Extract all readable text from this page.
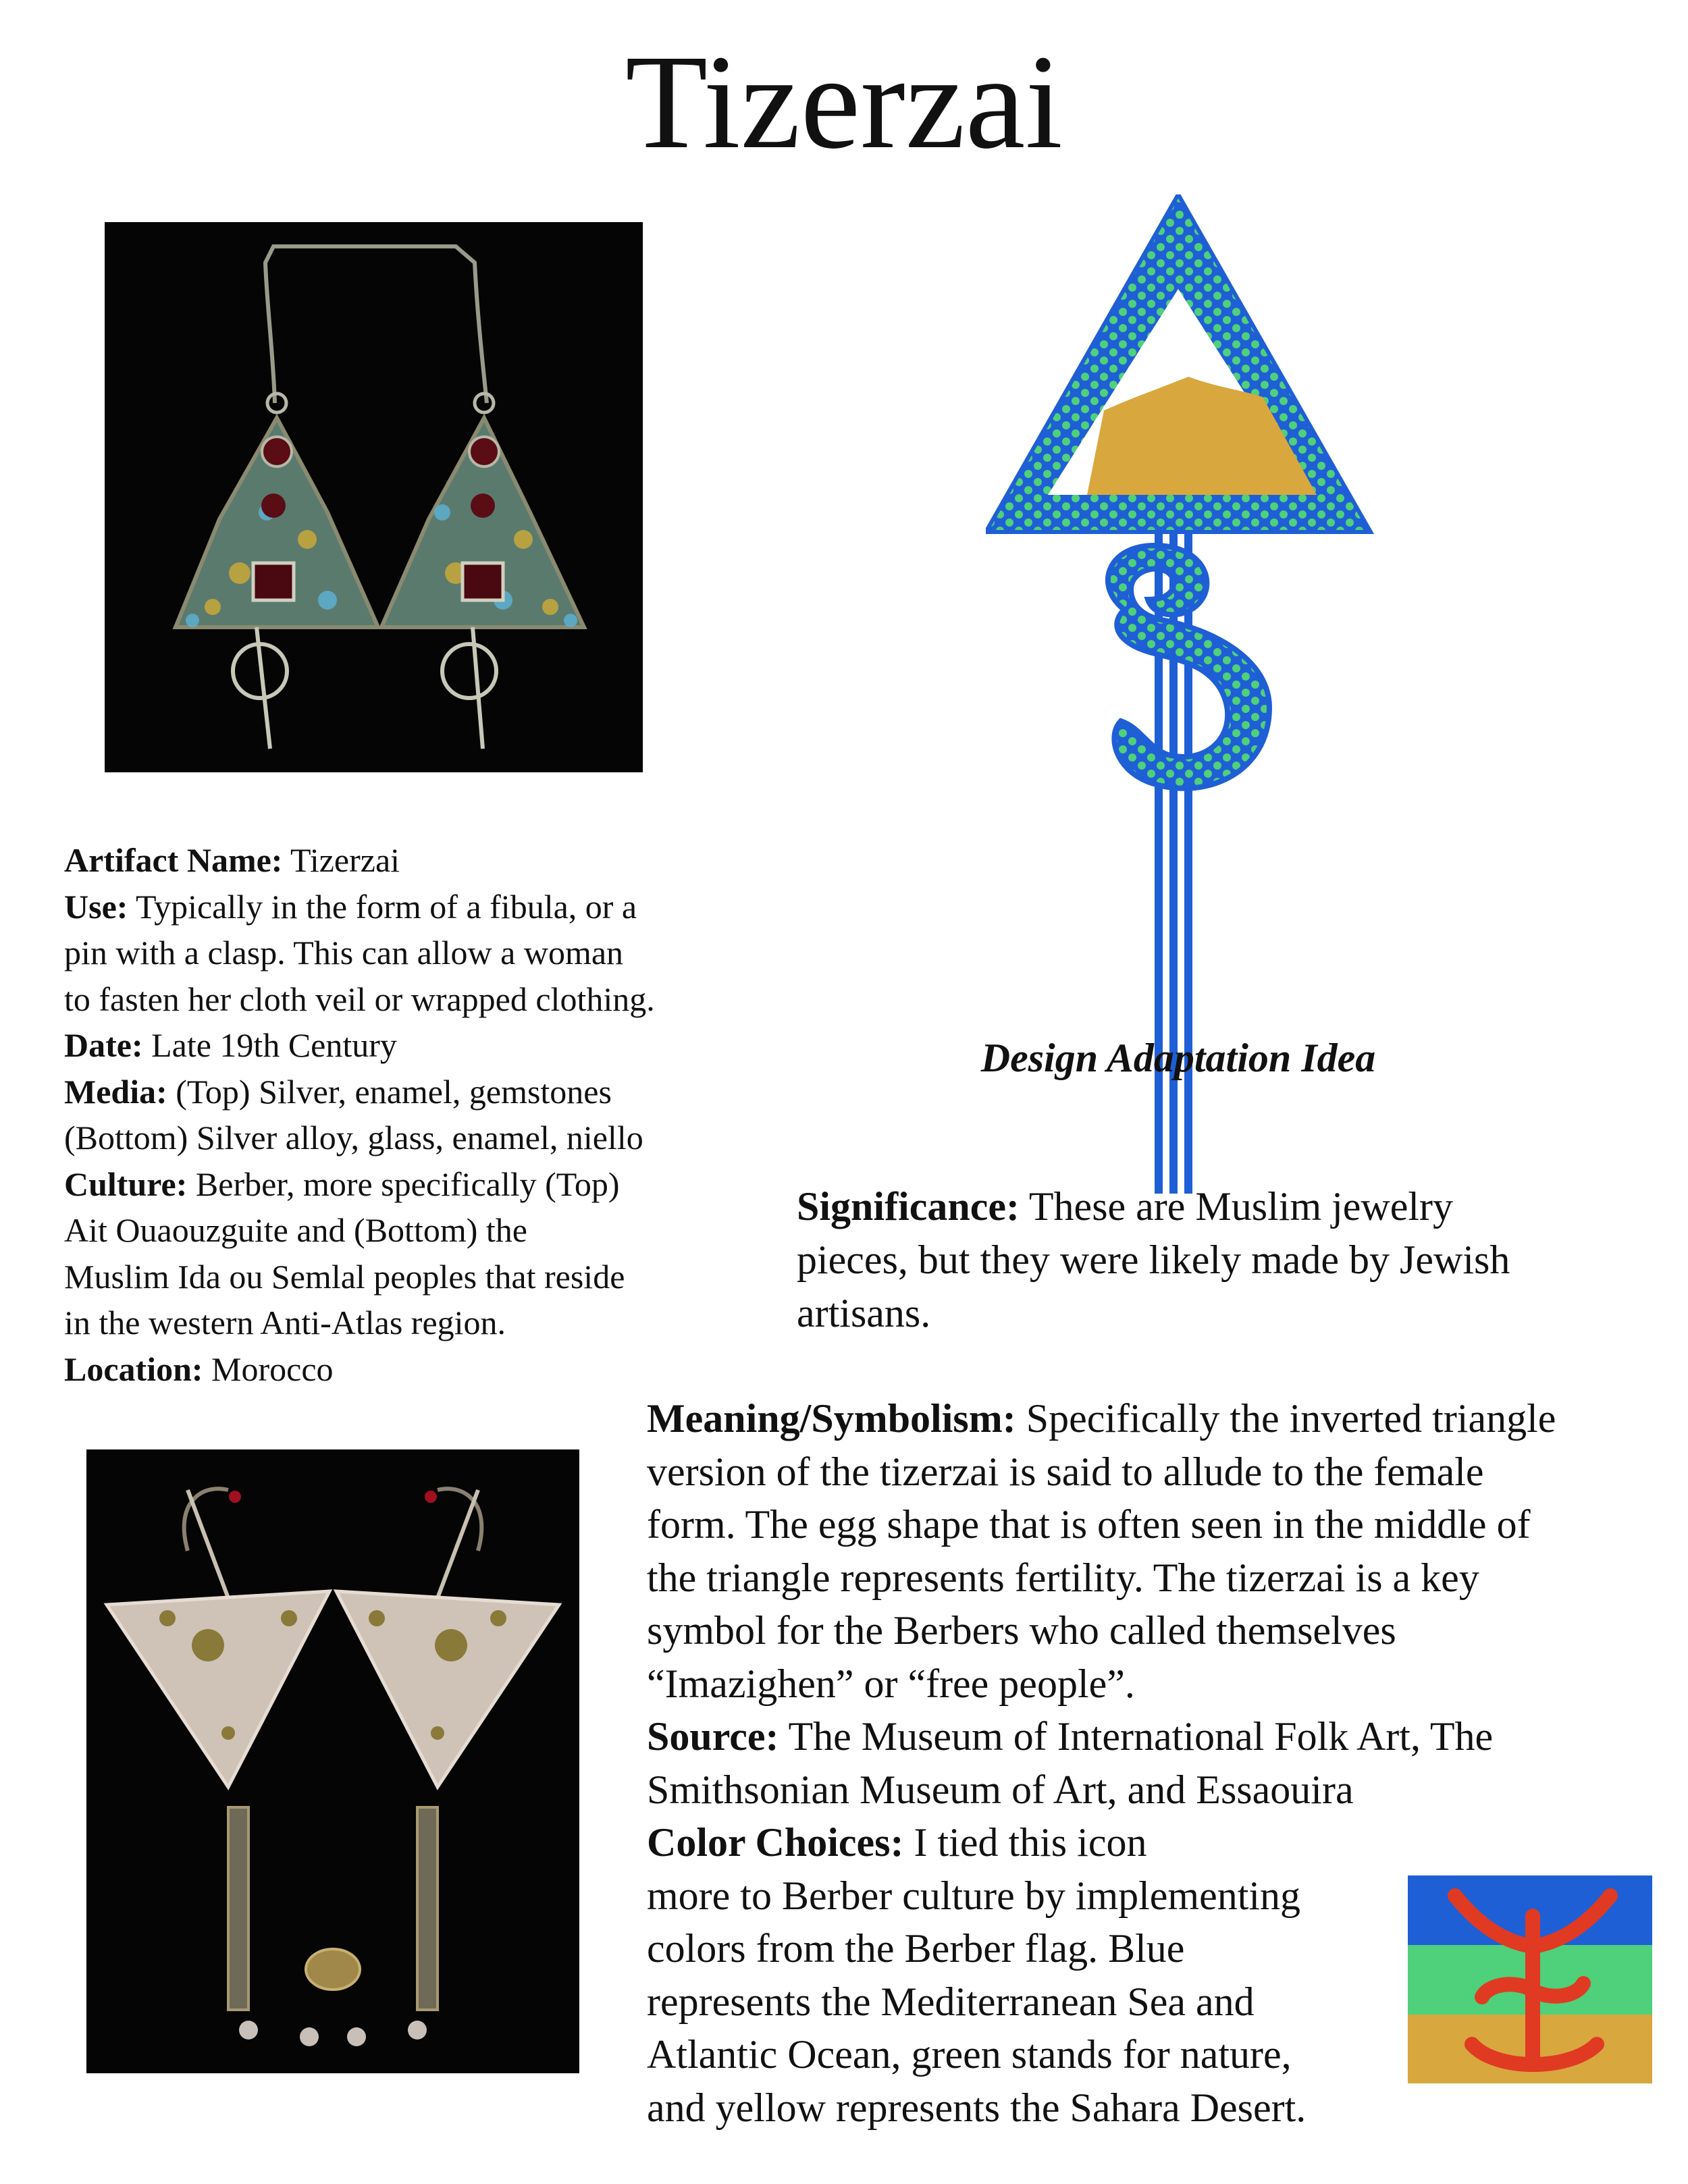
Tizerzai
Design Adaptation Idea
Artifact Name: Tizerzai
Use: Typically in the form of a fibula, or a
pin with a clasp. This can allow a woman
to fasten her cloth veil or wrapped clothing.
Date: Late 19th Century
Media: (Top) Silver, enamel, gemstones
(Bottom) Silver alloy, glass, enamel, niello
Culture: Berber, more specifically (Top)
Ait Ouaouzguite and (Bottom) the
Muslim Ida ou Semlal peoples that reside
in the western Anti-Atlas region.
Location: Morocco
Significance: These are Muslim jewelry
pieces, but they were likely made by Jewish
artisans.
Meaning/Symbolism: Specifically the inverted triangle
version of the tizerzai is said to allude to the female
form. The egg shape that is often seen in the middle of
the triangle represents fertility. The tizerzai is a key
symbol for the Berbers who called themselves
“Imazighen” or “free people”.
Source: The Museum of International Folk Art, The
Smithsonian Museum of Art, and Essaouira
Color Choices: I tied this icon
more to Berber culture by implementing
colors from the Berber flag. Blue
represents the Mediterranean Sea and
Atlantic Ocean, green stands for nature,
and yellow represents the Sahara Desert.
